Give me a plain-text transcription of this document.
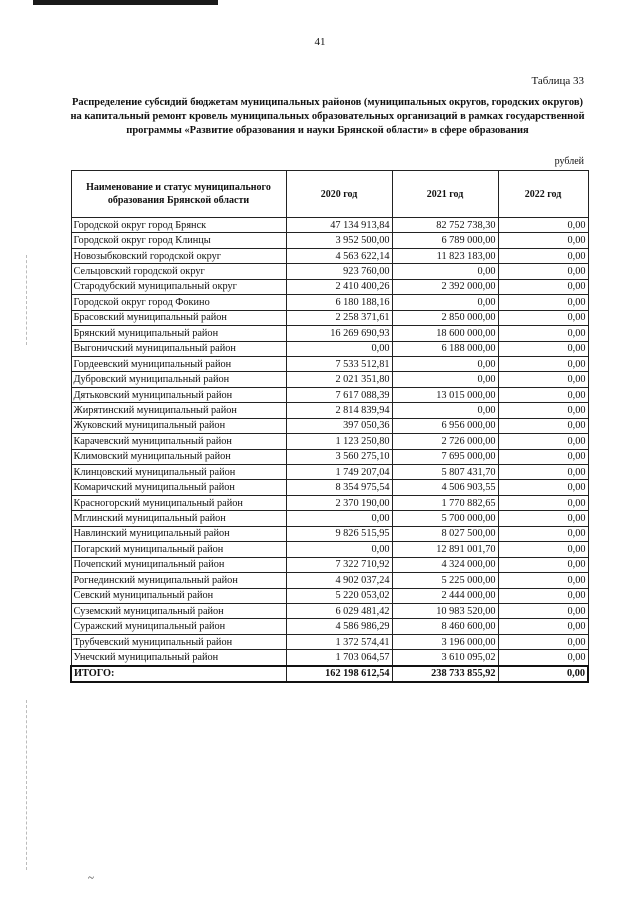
41
Таблица 33
Распределение субсидий бюджетам муниципальных районов (муниципальных округов, городских округов) на капитальный ремонт кровель муниципальных образовательных организаций в рамках государственной программы «Развитие образования и науки Брянской области» в сфере образования
рублей
Наименование и статус муниципального образования Брянской области	2020 год	2021 год	2022 год
Городской округ город Брянск	47 134 913,84	82 752 738,30	0,00
Городской округ город Клинцы	3 952 500,00	6 789 000,00	0,00
Новозыбковский городской округ	4 563 622,14	11 823 183,00	0,00
Сельцовский городской округ	923 760,00	0,00	0,00
Стародубский муниципальный округ	2 410 400,26	2 392 000,00	0,00
Городской округ город Фокино	6 180 188,16	0,00	0,00
Брасовский муниципальный район	2 258 371,61	2 850 000,00	0,00
Брянский муниципальный район	16 269 690,93	18 600 000,00	0,00
Выгоничский муниципальный район	0,00	6 188 000,00	0,00
Гордеевский муниципальный район	7 533 512,81	0,00	0,00
Дубровский муниципальный район	2 021 351,80	0,00	0,00
Дятьковский муниципальный район	7 617 088,39	13 015 000,00	0,00
Жирятинский муниципальный район	2 814 839,94	0,00	0,00
Жуковский муниципальный район	397 050,36	6 956 000,00	0,00
Карачевский муниципальный район	1 123 250,80	2 726 000,00	0,00
Климовский муниципальный район	3 560 275,10	7 695 000,00	0,00
Клинцовский муниципальный район	1 749 207,04	5 807 431,70	0,00
Комаричский муниципальный район	8 354 975,54	4 506 903,55	0,00
Красногорский муниципальный район	2 370 190,00	1 770 882,65	0,00
Мглинский муниципальный район	0,00	5 700 000,00	0,00
Навлинский муниципальный район	9 826 515,95	8 027 500,00	0,00
Погарский муниципальный район	0,00	12 891 001,70	0,00
Почепский муниципальный район	7 322 710,92	4 324 000,00	0,00
Рогнединский муниципальный район	4 902 037,24	5 225 000,00	0,00
Севский муниципальный район	5 220 053,02	2 444 000,00	0,00
Суземский муниципальный район	6 029 481,42	10 983 520,00	0,00
Суражский муниципальный район	4 586 986,29	8 460 600,00	0,00
Трубчевский муниципальный район	1 372 574,41	3 196 000,00	0,00
Унечский муниципальный район	1 703 064,57	3 610 095,02	0,00
ИТОГО:	162 198 612,54	238 733 855,92	0,00
~
